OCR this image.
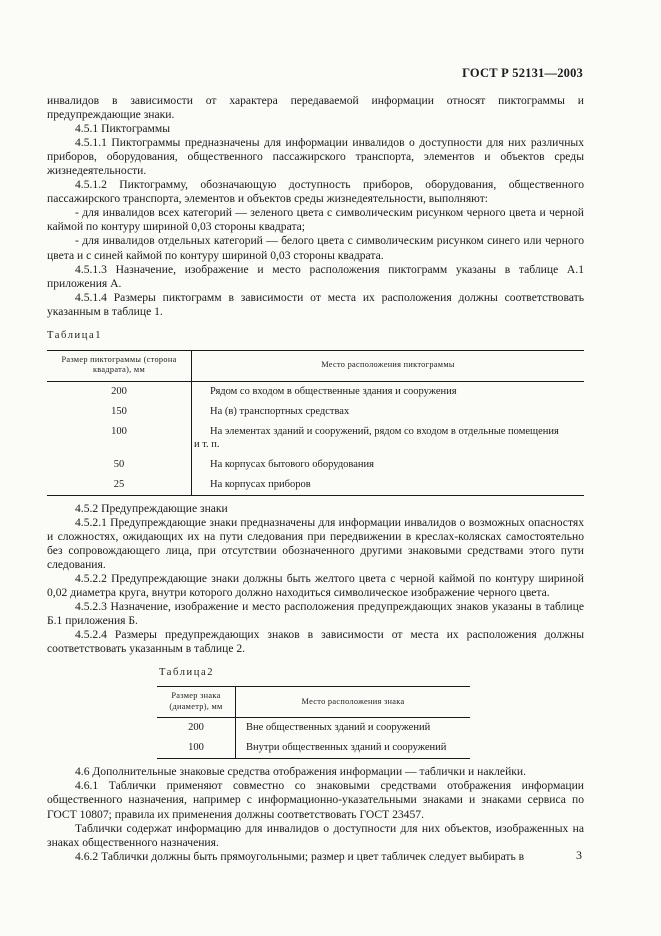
ГОСТ Р 52131—2003

инвалидов в зависимости от характера передаваемой информации относят пиктограммы и предупреждающие знаки.

4.5.1 Пиктограммы

4.5.1.1 Пиктограммы предназначены для информации инвалидов о доступности для них различных приборов, оборудования, общественного пассажирского транспорта, элементов и объектов среды жизнедеятельности.

4.5.1.2 Пиктограмму, обозначающую доступность приборов, оборудования, общественного пассажирского транспорта, элементов и объектов среды жизнедеятельности, выполняют:

- для инвалидов всех категорий — зеленого цвета с символическим рисунком черного цвета и черной каймой по контуру шириной 0,03 стороны квадрата;

- для инвалидов отдельных категорий — белого цвета с символическим рисунком синего или черного цвета и с синей каймой по контуру шириной 0,03 стороны квадрата.

4.5.1.3 Назначение, изображение и место расположения пиктограмм указаны в таблице А.1 приложения А.

4.5.1.4 Размеры пиктограмм в зависимости от места их расположения должны соответствовать указанным в таблице 1.

Таблица1
Размер пиктограммы (сторона квадрата), мм	Место расположения пиктограммы
200	Рядом со входом в общественные здания и сооружения
150	На (в) транспортных средствах
100	На элементах зданий и сооружений, рядом со входом в отдельные помещения
и т. п.

50	На корпусах бытового оборудования
25	На корпусах приборов

4.5.2 Предупреждающие знаки

4.5.2.1 Предупреждающие знаки предназначены для информации инвалидов о возможных опасностях и сложностях, ожидающих их на пути следования при передвижении в креслах-колясках самостоятельно без сопровождающего лица, при отсутствии обозначенного другими знаковыми средствами этого пути следования.

4.5.2.2 Предупреждающие знаки должны быть желтого цвета с черной каймой по контуру шириной 0,02 диаметра круга, внутри которого должно находиться символическое изображение черного цвета.

4.5.2.3 Назначение, изображение и место расположения предупреждающих знаков указаны в таблице Б.1 приложения Б.

4.5.2.4 Размеры предупреждающих знаков в зависимости от места их расположения должны соответствовать указанным в таблице 2.

Таблица2
Размер знака (диаметр), мм	Место расположения знака
200	Вне общественных зданий и сооружений
100	Внутри общественных зданий и сооружений

4.6 Дополнительные знаковые средства отображения информации — таблички и наклейки.

4.6.1 Таблички применяют совместно со знаковыми средствами отображения информации общественного назначения, например с информационно-указательными знаками и знаками сервиса по ГОСТ 10807; правила их применения должны соответствовать ГОСТ 23457.

Таблички содержат информацию для инвалидов о доступности для них объектов, изображенных на знаках общественного назначения.

4.6.2 Таблички должны быть прямоугольными; размер и цвет табличек следует выбирать в	3
